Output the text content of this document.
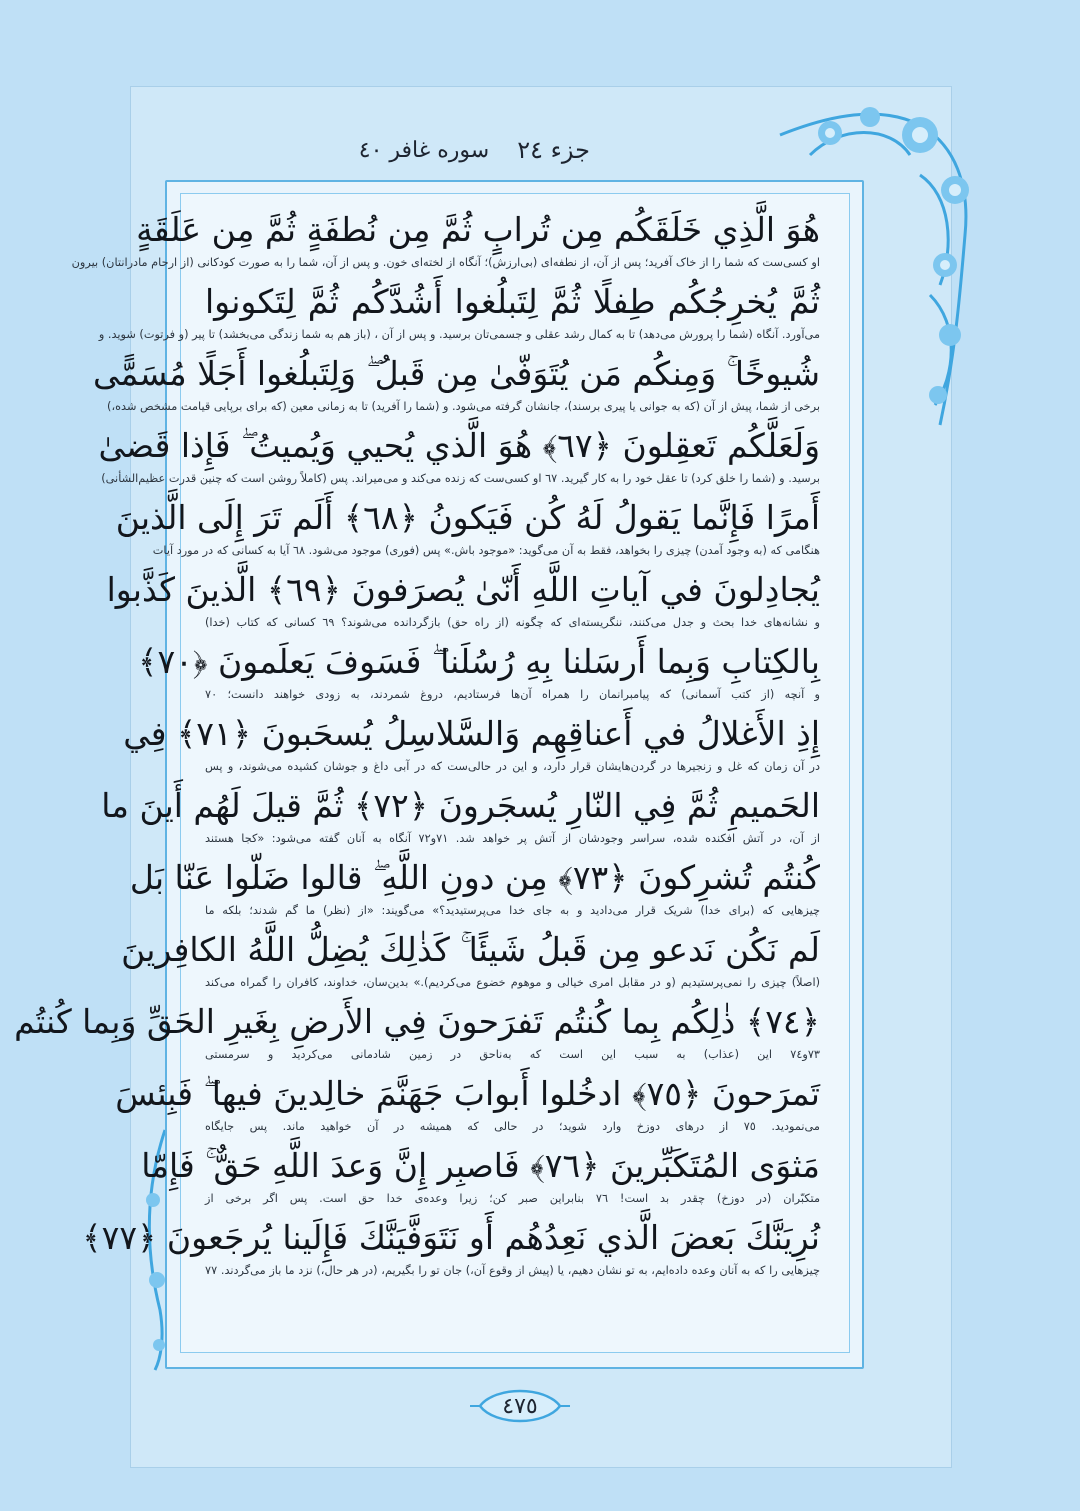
جزء ٢٤
سوره غافر ٤٠
هُوَ الَّذِي خَلَقَكُم مِن تُرابٍ ثُمَّ مِن نُطفَةٍ ثُمَّ مِن عَلَقَةٍ
او کسی‌ست که شما را از خاک آفرید؛ پس از آن، از نطفه‌ای (بی‌ارزش)؛ آنگاه از لخته‌ای خون. و پس از آن، شما را به صورت کودکانی (از ارحام مادرانتان) بیرون
ثُمَّ يُخرِجُكُم طِفلًا ثُمَّ لِتَبلُغوا أَشُدَّكُم ثُمَّ لِتَكونوا
می‌آورد. آنگاه (شما را پرورش می‌دهد) تا به کمال رشد عقلی و جسمی‌تان برسید. و پس از آن ، (باز هم به شما زندگی می‌بخشد) تا پیر (و فرتوت) شوید. و
شُيوخًا ۚ وَمِنكُم مَن يُتَوَفّىٰ مِن قَبلُ ۖ وَلِتَبلُغوا أَجَلًا مُسَمًّى
برخی از شما، پیش از آن (که به جوانی یا پیری برسند)، جانشان گرفته می‌شود. و (شما را آفرید) تا به زمانی معین (که برای برپایی قیامت مشخص شده،)
وَلَعَلَّكُم تَعقِلونَ ﴿٦٧﴾ هُوَ الَّذي يُحيي وَيُميتُ ۖ فَإِذا قَضىٰ
برسید. و (شما را خلق کرد) تا عقل خود را به کار گیرید. ٦٧ او کسی‌ست که زنده می‌کند و می‌میراند. پس (کاملاً روشن است که چنین قدرت عظیم‌الشأنی)
أَمرًا فَإِنَّما يَقولُ لَهُ كُن فَيَكونُ ﴿٦٨﴾ أَلَم تَرَ إِلَى الَّذينَ
هنگامی که (به وجود آمدن) چیزی را بخواهد، فقط به آن می‌گوید: «موجود باش.» پس (فوری) موجود می‌شود. ٦٨ آیا به کسانی که در مورد آیات
يُجادِلونَ في آياتِ اللَّهِ أَنّىٰ يُصرَفونَ ﴿٦٩﴾ الَّذينَ كَذَّبوا
و نشانه‌های خدا بحث و جدل می‌کنند، ننگریسته‌ای که چگونه (از راه حق) بازگردانده می‌شوند؟ ٦٩ کسانی که کتاب (خدا)
بِالكِتابِ وَبِما أَرسَلنا بِهِ رُسُلَنا ۖ فَسَوفَ يَعلَمونَ ﴿٧٠﴾
و آنچه (از کتب آسمانی) که پیامبرانمان را همراه آن‌ها فرستادیم، دروغ شمردند، به زودی خواهند دانست؛ ٧٠
إِذِ الأَغلالُ في أَعناقِهِم وَالسَّلاسِلُ يُسحَبونَ ﴿٧١﴾ فِي
در آن زمان که غل و زنجیرها در گردن‌هایشان قرار دارد، و این در حالی‌ست که در آبی داغ و جوشان کشیده می‌شوند، و پس
الحَميمِ ثُمَّ فِي النّارِ يُسجَرونَ ﴿٧٢﴾ ثُمَّ قيلَ لَهُم أَينَ ما
از آن، در آتش افکنده شده، سراسر وجودشان از آتش پر خواهد شد. ٧١و٧٢ آنگاه به آنان گفته می‌شود: «کجا هستند
كُنتُم تُشرِكونَ ﴿٧٣﴾ مِن دونِ اللَّهِ ۖ قالوا ضَلّوا عَنّا بَل
چیزهایی که (برای خدا) شریک قرار می‌دادید و به جای خدا می‌پرستیدید؟» می‌گویند: «از (نظر) ما گم شدند؛ بلکه ما
لَم نَكُن نَدعو مِن قَبلُ شَيئًا ۚ كَذٰلِكَ يُضِلُّ اللَّهُ الكافِرينَ
(اصلاً) چیزی را نمی‌پرستیدیم (و در مقابل امری خیالی و موهوم خضوع می‌کردیم).» بدین‌سان، خداوند، کافران را گمراه می‌کند
﴿٧٤﴾ ذٰلِكُم بِما كُنتُم تَفرَحونَ فِي الأَرضِ بِغَيرِ الحَقِّ وَبِما كُنتُم
٧٣و٧٤ این (عذاب) به سبب این است که به‌ناحق در زمین شادمانی می‌کردید و سرمستی
تَمرَحونَ ﴿٧٥﴾ ادخُلوا أَبوابَ جَهَنَّمَ خالِدينَ فيها ۖ فَبِئسَ
می‌نمودید. ٧٥ از درهای دوزخ وارد شوید؛ در حالی که همیشه در آن خواهید ماند. پس جایگاه
مَثوَى المُتَكَبِّرينَ ﴿٧٦﴾ فَاصبِر إِنَّ وَعدَ اللَّهِ حَقٌّ ۚ فَإِمّا
متکبّران (در دوزخ) چقدر بد است! ٧٦ بنابراین صبر کن؛ زیرا وعده‌ی خدا حق است. پس اگر برخی از
نُرِيَنَّكَ بَعضَ الَّذي نَعِدُهُم أَو نَتَوَفَّيَنَّكَ فَإِلَينا يُرجَعونَ ﴿٧٧﴾
چیزهایی را که به آنان وعده داده‌ایم، به تو نشان دهیم، یا (پیش از وقوع آن،) جان تو را بگیریم، (در هر حال،) نزد ما باز می‌گردند. ٧٧
٤٧٥
